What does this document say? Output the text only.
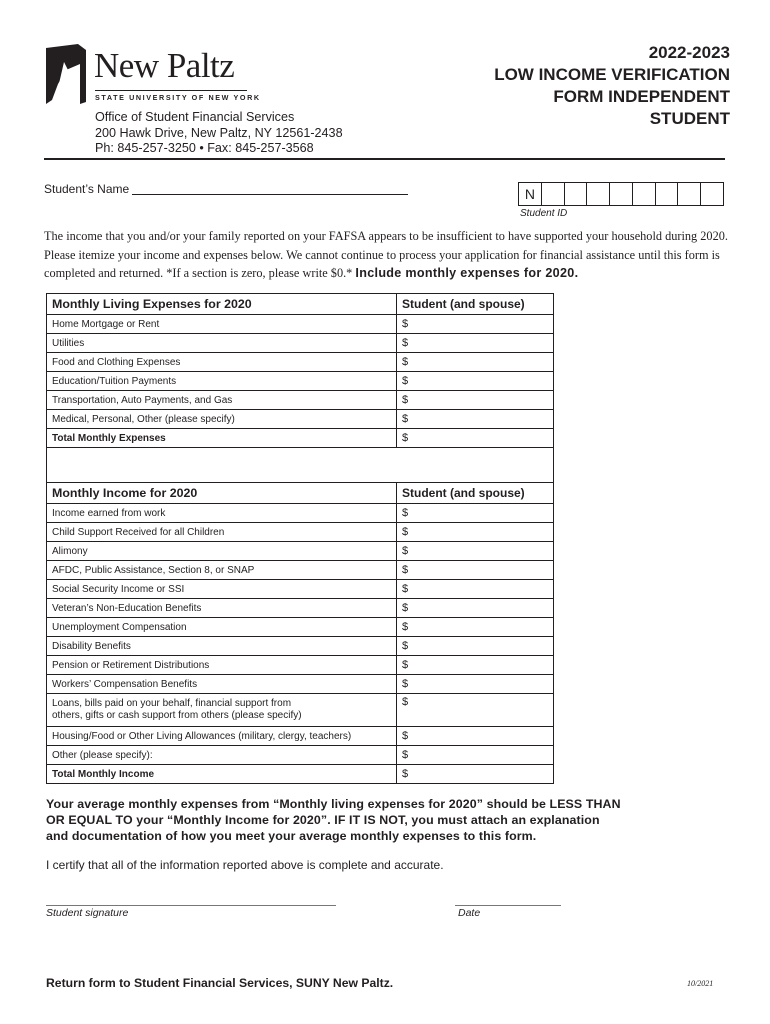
New Paltz
STATE UNIVERSITY OF NEW YORK
Office of Student Financial Services
200 Hawk Drive, New Paltz, NY 12561-2438
Ph: 845-257-3250 • Fax: 845-257-3568
2022-2023
LOW INCOME VERIFICATION
FORM INDEPENDENT
STUDENT
Student’s Name	N
Student ID
The income that you and/or your family reported on your FAFSA appears to be insufficient to have supported your household during 2020. Please itemize your income and expenses below. We cannot continue to process your application for financial assistance until this form is completed and returned. *If a section is zero, please write $0.* Include monthly expenses for 2020.
Monthly Living Expenses for 2020	Student (and spouse)
Home Mortgage or Rent	$
Utilities	$
Food and Clothing Expenses	$
Education/Tuition Payments	$
Transportation, Auto Payments, and Gas	$
Medical, Personal, Other (please specify)	$
Total Monthly Expenses	$
Monthly Income for 2020	Student (and spouse)
Income earned from work	$
Child Support Received for all Children	$
Alimony	$
AFDC, Public Assistance, Section 8, or SNAP	$
Social Security Income or SSI	$
Veteran’s Non-Education Benefits	$
Unemployment Compensation	$
Disability Benefits	$
Pension or Retirement Distributions	$
Workers’ Compensation Benefits	$

Loans, bills paid on your behalf, financial support from
others, gifts or cash support from others (please specify)	$
Housing/Food or Other Living Allowances (military, clergy, teachers)	$
Other (please specify):	$
Total Monthly Income	$
Your average monthly expenses from “Monthly living expenses for 2020” should be LESS THAN
OR EQUAL TO your “Monthly Income for 2020”. IF IT IS NOT, you must attach an explanation
and documentation of how you meet your average monthly expenses to this form.
I certify that all of the information reported above is complete and accurate.
Student signature	Date
Return form to Student Financial Services, SUNY New Paltz.	10/2021
